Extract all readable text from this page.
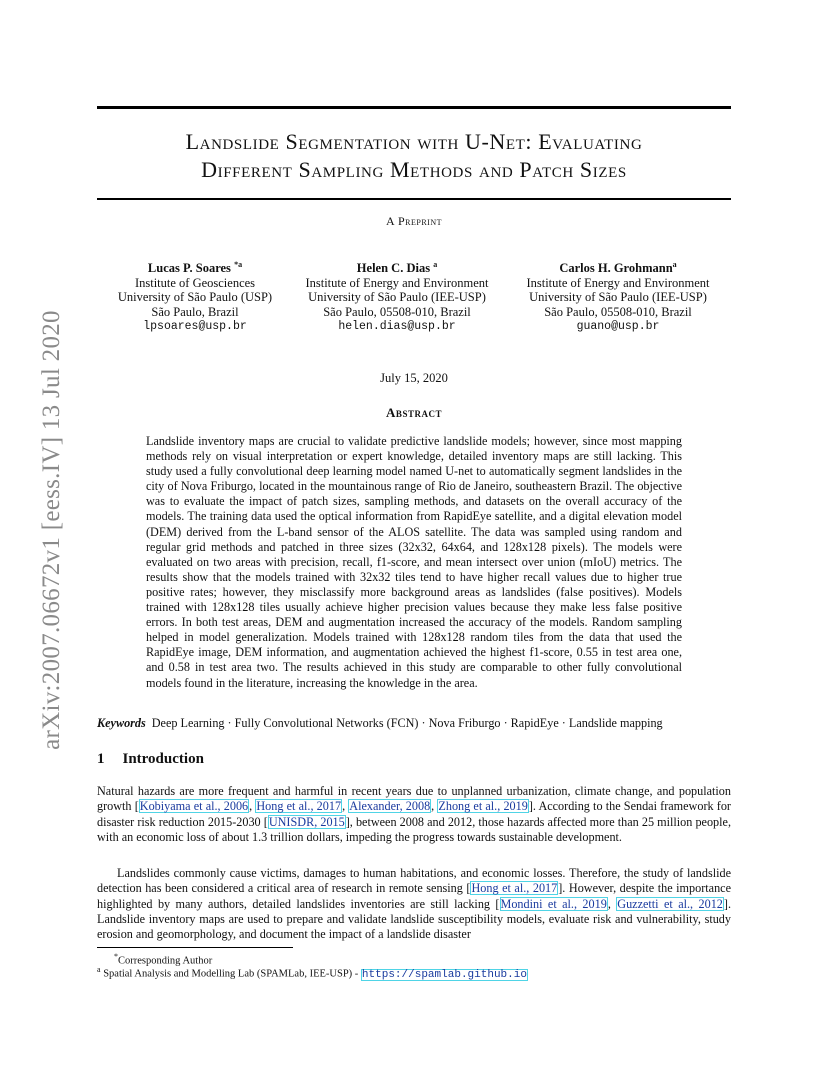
arXiv:2007.06672v1 [eess.IV] 13 Jul 2020
Landslide Segmentation with U-Net: Evaluating
Different Sampling Methods and Patch Sizes
A Preprint
Lucas P. Soares $^{*a}$
Institute of Geosciences
University of São Paulo (USP)
São Paulo, Brazil
lpsoares@usp.br
Helen C. Dias $^a$
Institute of Energy and Environment
University of São Paulo (IEE-USP)
São Paulo, 05508-010, Brazil
helen.dias@usp.br
Carlos H. Grohmann$^a$
Institute of Energy and Environment
University of São Paulo (IEE-USP)
São Paulo, 05508-010, Brazil
guano@usp.br
July 15, 2020
Abstract

Landslide inventory maps are crucial to validate predictive landslide models; however, since most mapping methods rely on visual interpretation or expert knowledge, detailed inventory maps are still lacking. This study used a fully convolutional deep learning model named U-net to automatically segment landslides in the city of Nova Friburgo, located in the mountainous range of Rio de Janeiro, southeastern Brazil. The objective was to evaluate the impact of patch sizes, sampling methods, and datasets on the overall accuracy of the models. The training data used the optical information from RapidEye satellite, and a digital elevation model (DEM) derived from the L-band sensor of the ALOS satellite. The data was sampled using random and regular grid methods and patched in three sizes (32x32, 64x64, and 128x128 pixels). The models were evaluated on two areas with precision, recall, f1-score, and mean intersect over union (mIoU) metrics. The results show that the models trained with 32x32 tiles tend to have higher recall values due to higher true positive rates; however, they misclassify more background areas as landslides (false positives). Models trained with 128x128 tiles usually achieve higher precision values because they make less false positive errors. In both test areas, DEM and augmentation increased the accuracy of the models. Random sampling helped in model generalization. Models trained with 128x128 random tiles from the data that used the RapidEye image, DEM information, and augmentation achieved the highest f1-score, 0.55 in test area one, and 0.58 in test area two. The results achieved in this study are comparable to other fully convolutional models found in the literature, increasing the knowledge in the area.

Keywords Deep Learning · Fully Convolutional Networks (FCN) · Nova Friburgo · RapidEye · Landslide mapping
1 Introduction

Natural hazards are more frequent and harmful in recent years due to unplanned urbanization, climate change, and population growth [Kobiyama et al., 2006, Hong et al., 2017, Alexander, 2008, Zhong et al., 2019]. According to the Sendai framework for disaster risk reduction 2015-2030 [UNISDR, 2015], between 2008 and 2012, those hazards affected more than 25 million people, with an economic loss of about 1.3 trillion dollars, impeding the progress towards sustainable development.

Landslides commonly cause victims, damages to human habitations, and economic losses. Therefore, the study of landslide detection has been considered a critical area of research in remote sensing [Hong et al., 2017]. However, despite the importance highlighted by many authors, detailed landslides inventories are still lacking [Mondini et al., 2019, Guzzetti et al., 2012]. Landslide inventory maps are used to prepare and validate landslide susceptibility models, evaluate risk and vulnerability, study erosion and geomorphology, and document the impact of a landslide disaster

*Corresponding Author
$^a$ Spatial Analysis and Modelling Lab (SPAMLab, IEE-USP) - https://spamlab.github.io
